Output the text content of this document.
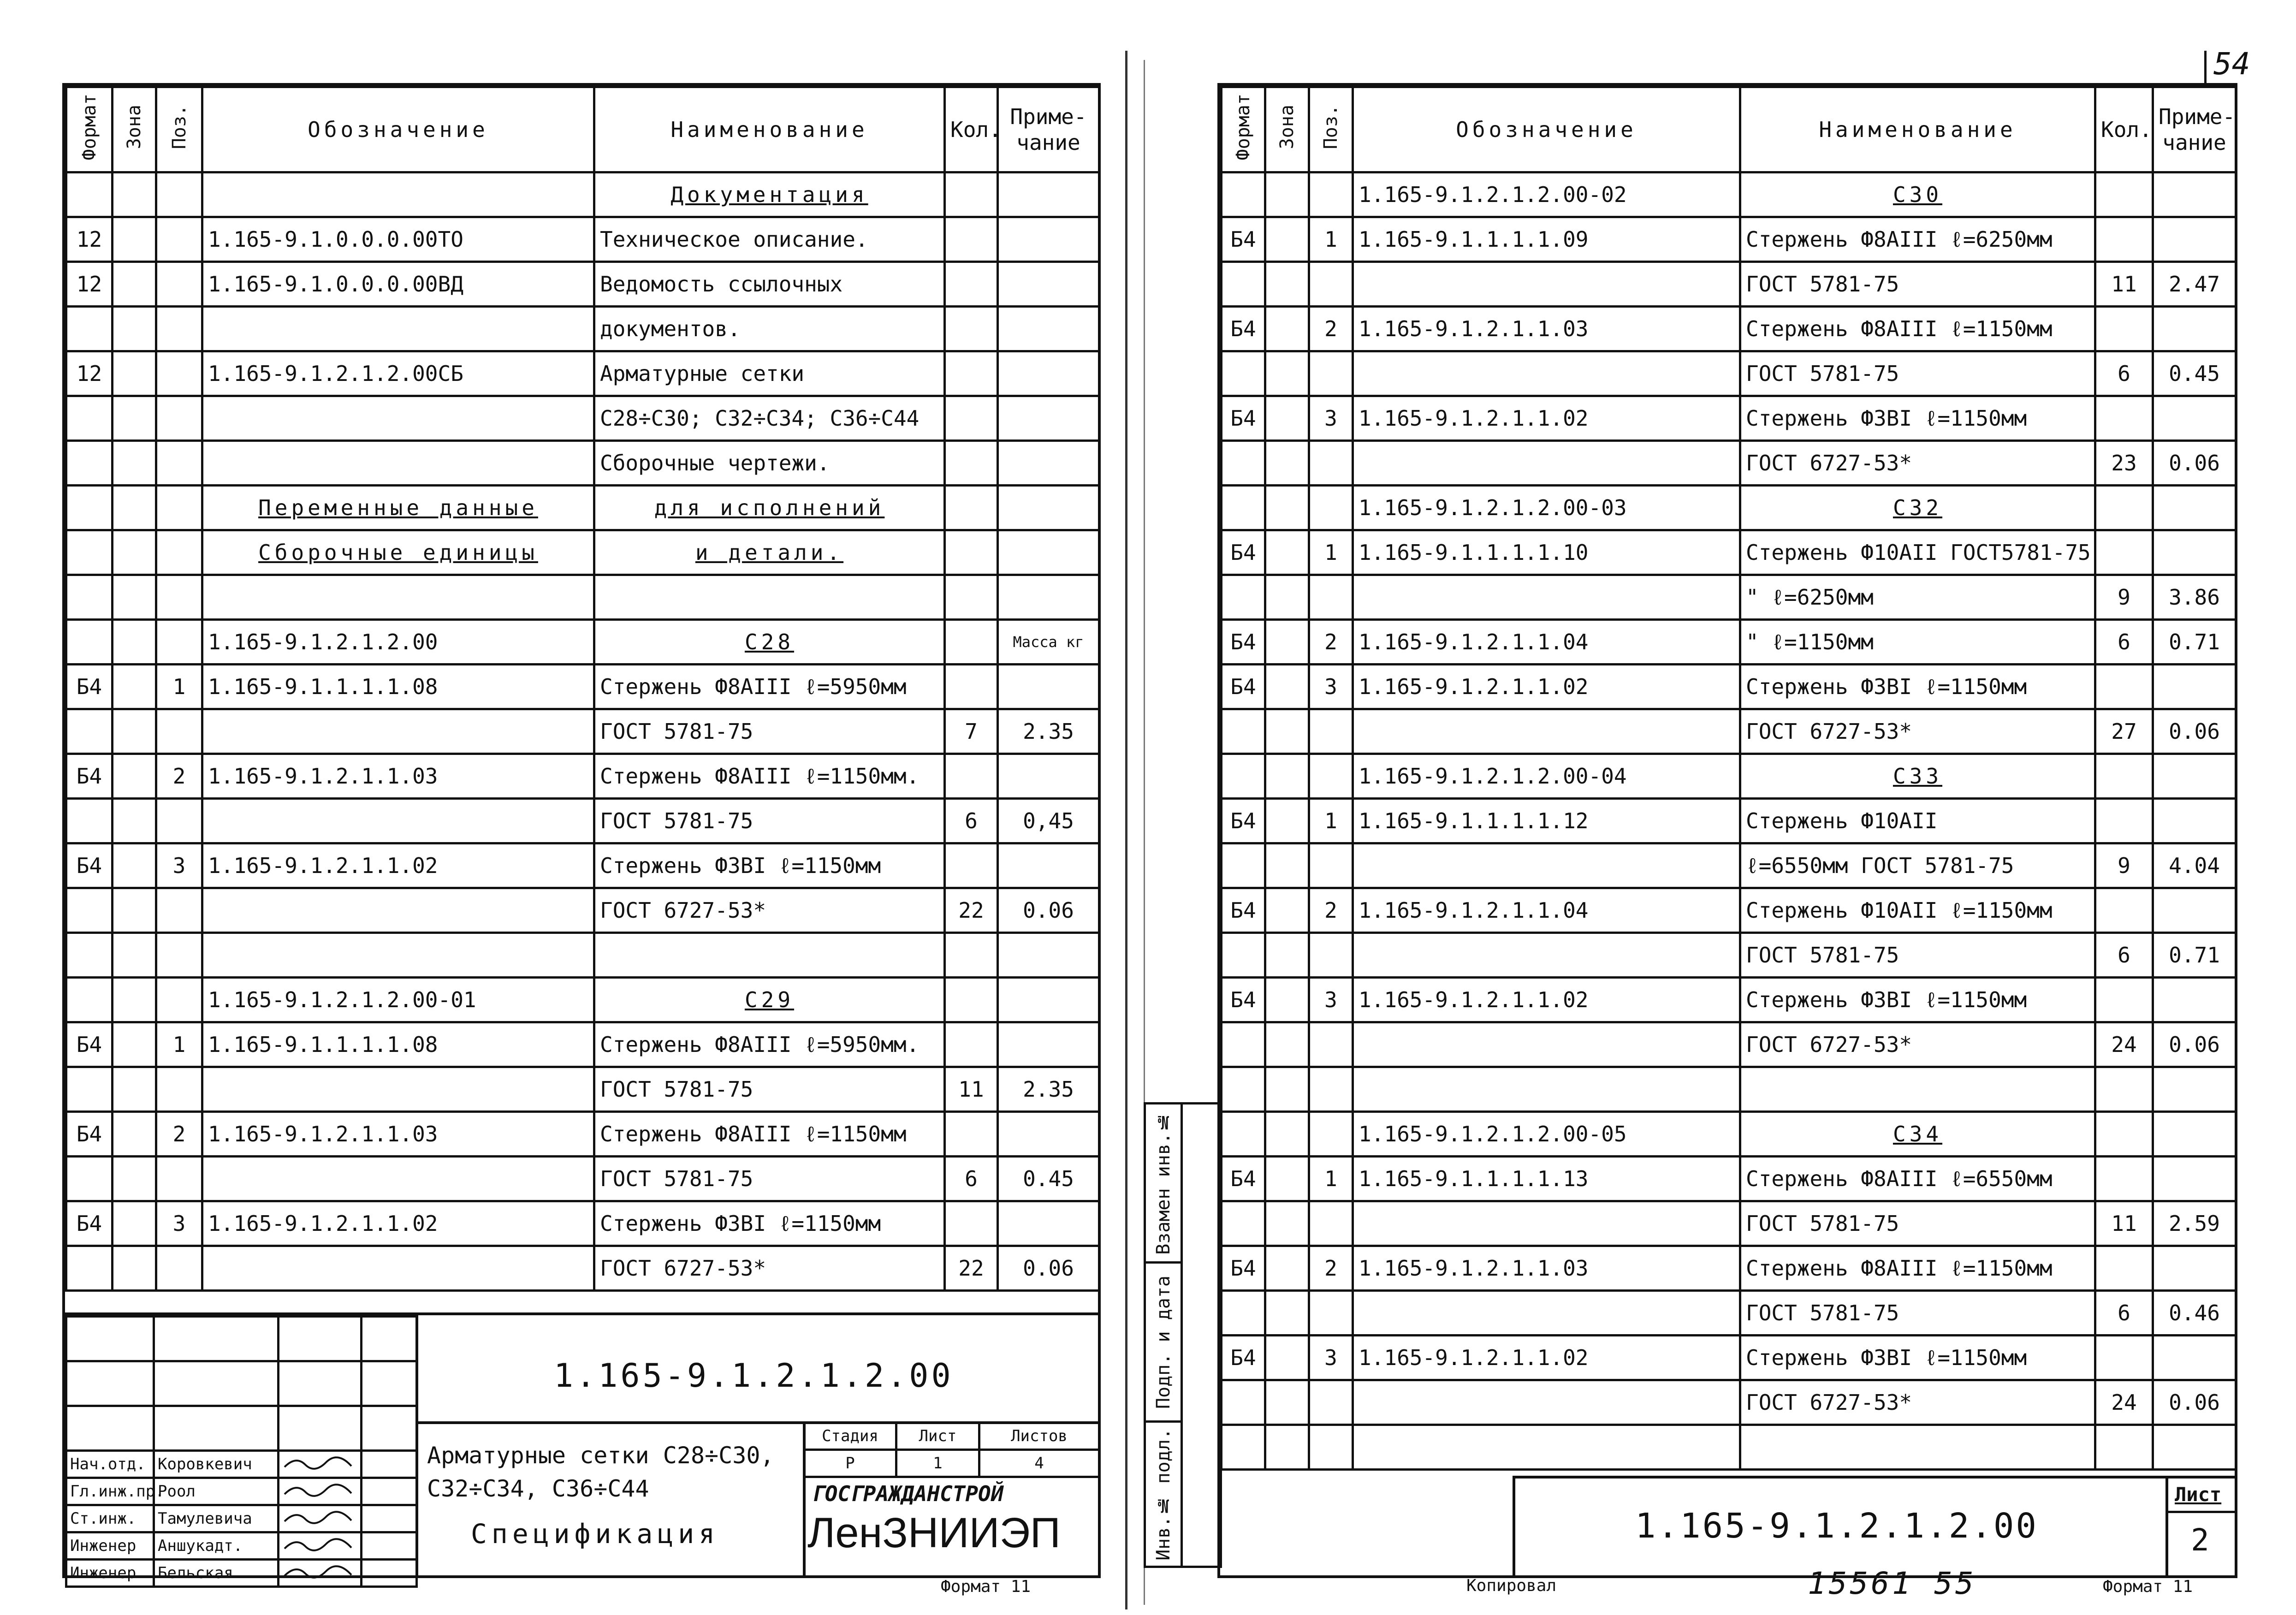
Формат	Зона	Поз.	Обозначение	Наименование	Кол.	Приме-чание
				Документация		
12			1.165-9.1.0.0.0.00ТО	Техническое описание.		
12			1.165-9.1.0.0.0.00ВД	Ведомость ссылочных		
				документов.		
12			1.165-9.1.2.1.2.00СБ	Арматурные сетки		
				С28÷С30; С32÷С34; С36÷С44		
				Сборочные чертежи.		
			Переменные данные	для исполнений		
			Сборочные единицы	и детали.		

			1.165-9.1.2.1.2.00	С28		Масса кг
Б4		1	1.165-9.1.1.1.1.08	Стержень Ф8АIII ℓ=5950мм		
				ГОСТ 5781-75	7	2.35
Б4		2	1.165-9.1.2.1.1.03	Стержень Ф8АIII ℓ=1150мм.		
				ГОСТ 5781-75	6	0,45
Б4		3	1.165-9.1.2.1.1.02	Стержень Ф3ВI ℓ=1150мм		
				ГОСТ 6727-53*	22	0.06

			1.165-9.1.2.1.2.00-01	С29		
Б4		1	1.165-9.1.1.1.1.08	Стержень Ф8АIII ℓ=5950мм.		
				ГОСТ 5781-75	11	2.35
Б4		2	1.165-9.1.2.1.1.03	Стержень Ф8АIII ℓ=1150мм		
				ГОСТ 5781-75	6	0.45
Б4		3	1.165-9.1.2.1.1.02	Стержень Ф3ВI ℓ=1150мм		
				ГОСТ 6727-53*	22	0.06

Нач.отд.	Коровкевич		
Гл.инж.пр.	Роол		
Ст.инж.	Тамулевича		
Инженер	Аншукадт.		
Инженер	Бельская		
1.165-9.1.2.1.2.00
Арматурные сетки С28÷С30, С32÷С34, С36÷С44
Спецификация
Стадия	Лист	Листов
Р	1	4
ГОСГРАЖДАНСТРОЙ
ЛенЗНИИЭП
Формат 11
54
Формат	Зона	Поз.	Обозначение	Наименование	Кол.	Приме-чание
			1.165-9.1.2.1.2.00-02	С30		
Б4		1	1.165-9.1.1.1.1.09	Стержень Ф8АIII ℓ=6250мм		
				ГОСТ 5781-75	11	2.47
Б4		2	1.165-9.1.2.1.1.03	Стержень Ф8АIII ℓ=1150мм		
				ГОСТ 5781-75	6	0.45
Б4		3	1.165-9.1.2.1.1.02	Стержень Ф3ВI ℓ=1150мм		
				ГОСТ 6727-53*	23	0.06
			1.165-9.1.2.1.2.00-03	С32		
Б4		1	1.165-9.1.1.1.1.10	Стержень Ф10АII ГОСТ5781-75		
				" ℓ=6250мм	9	3.86
Б4		2	1.165-9.1.2.1.1.04	" ℓ=1150мм	6	0.71
Б4		3	1.165-9.1.2.1.1.02	Стержень Ф3ВI ℓ=1150мм		
				ГОСТ 6727-53*	27	0.06
			1.165-9.1.2.1.2.00-04	С33		
Б4		1	1.165-9.1.1.1.1.12	Стержень Ф10АII		
				ℓ=6550мм ГОСТ 5781-75	9	4.04
Б4		2	1.165-9.1.2.1.1.04	Стержень Ф10АII ℓ=1150мм		
				ГОСТ 5781-75	6	0.71
Б4		3	1.165-9.1.2.1.1.02	Стержень Ф3ВI ℓ=1150мм		
				ГОСТ 6727-53*	24	0.06

			1.165-9.1.2.1.2.00-05	С34		
Б4		1	1.165-9.1.1.1.1.13	Стержень Ф8АIII ℓ=6550мм		
				ГОСТ 5781-75	11	2.59
Б4		2	1.165-9.1.2.1.1.03	Стержень Ф8АIII ℓ=1150мм		
				ГОСТ 5781-75	6	0.46
Б4		3	1.165-9.1.2.1.1.02	Стержень Ф3ВI ℓ=1150мм		
				ГОСТ 6727-53*	24	0.06

Взамен инв.№
Подп. и дата
Инв.№ подл.	1.165-9.1.2.1.2.00
Лист
2
Копировал	15561 55	Формат 11
